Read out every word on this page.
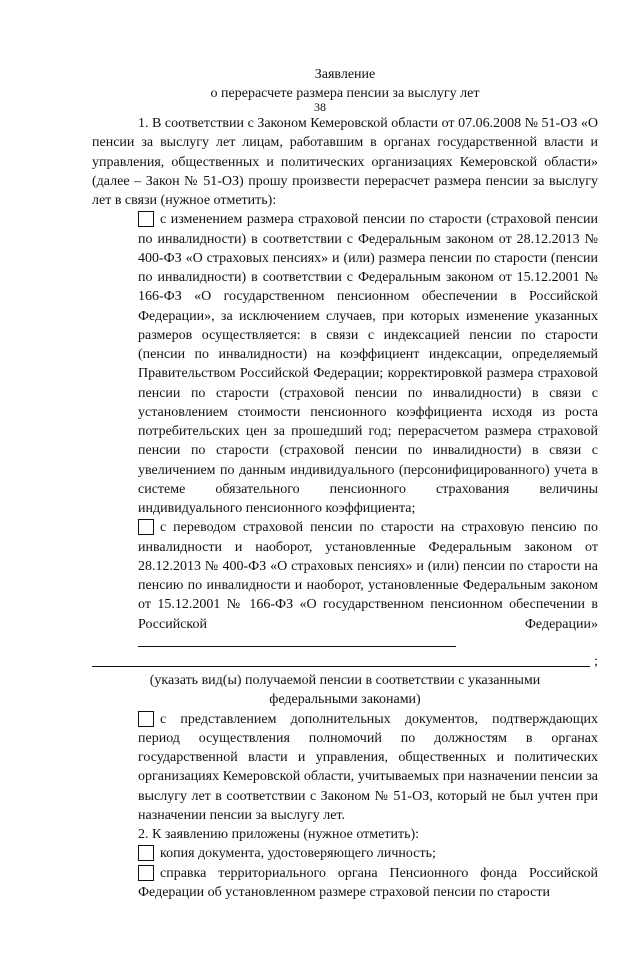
38
Заявление
о перерасчете размера пенсии за выслугу лет

1. В соответствии с Законом Кемеровской области от 07.06.2008 № 51-ОЗ «О пенсии за выслугу лет лицам, работавшим в органах государственной власти и управления, общественных и политических организациях Кемеровской области» (далее – Закон № 51-ОЗ) прошу произвести перерасчет размера пенсии за выслугу лет в связи (нужное отметить):

с изменением размера страховой пенсии по старости (страховой пенсии по инвалидности) в соответствии с Федеральным законом от 28.12.2013 № 400-ФЗ «О страховых пенсиях» и (или) размера пенсии по старости (пенсии по инвалидности) в соответствии с Федеральным законом от 15.12.2001 № 166-ФЗ «О государственном пенсионном обеспечении в Российской Федерации», за исключением случаев, при которых изменение указанных размеров осуществляется: в связи с индексацией пенсии по старости (пенсии по инвалидности) на коэффициент индексации, определяемый Правительством Российской Федерации; корректировкой размера страховой пенсии по старости (страховой пенсии по инвалидности) в связи с установлением стоимости пенсионного коэффициента исходя из роста потребительских цен за прошедший год; перерасчетом размера страховой пенсии по старости (страховой пенсии по инвалидности) в связи с увеличением по данным индивидуального (персонифицированного) учета в системе обязательного пенсионного страхования величины индивидуального пенсионного коэффициента;

с переводом страховой пенсии по старости на страховую пенсию по инвалидности и наоборот, установленные Федеральным законом от 28.12.2013 № 400-ФЗ «О страховых пенсиях» и (или) пенсии по старости на пенсию по инвалидности и наоборот, установленные Федеральным законом от 15.12.2001 № 166-ФЗ «О государственном пенсионном обеспечении в Российской Федерации»

;

(указать вид(ы) получаемой пенсии в соответствии с указанными

федеральными законами)

с представлением дополнительных документов, подтверждающих период осуществления полномочий по должностям в органах государственной власти и управления, общественных и политических организациях Кемеровской области, учитываемых при назначении пенсии за выслугу лет в соответствии с Законом № 51-ОЗ, который не был учтен при назначении пенсии за выслугу лет.

2. К заявлению приложены (нужное отметить):

копия документа, удостоверяющего личность;

справка территориального органа Пенсионного фонда Российской Федерации об установленном размере страховой пенсии по старости
